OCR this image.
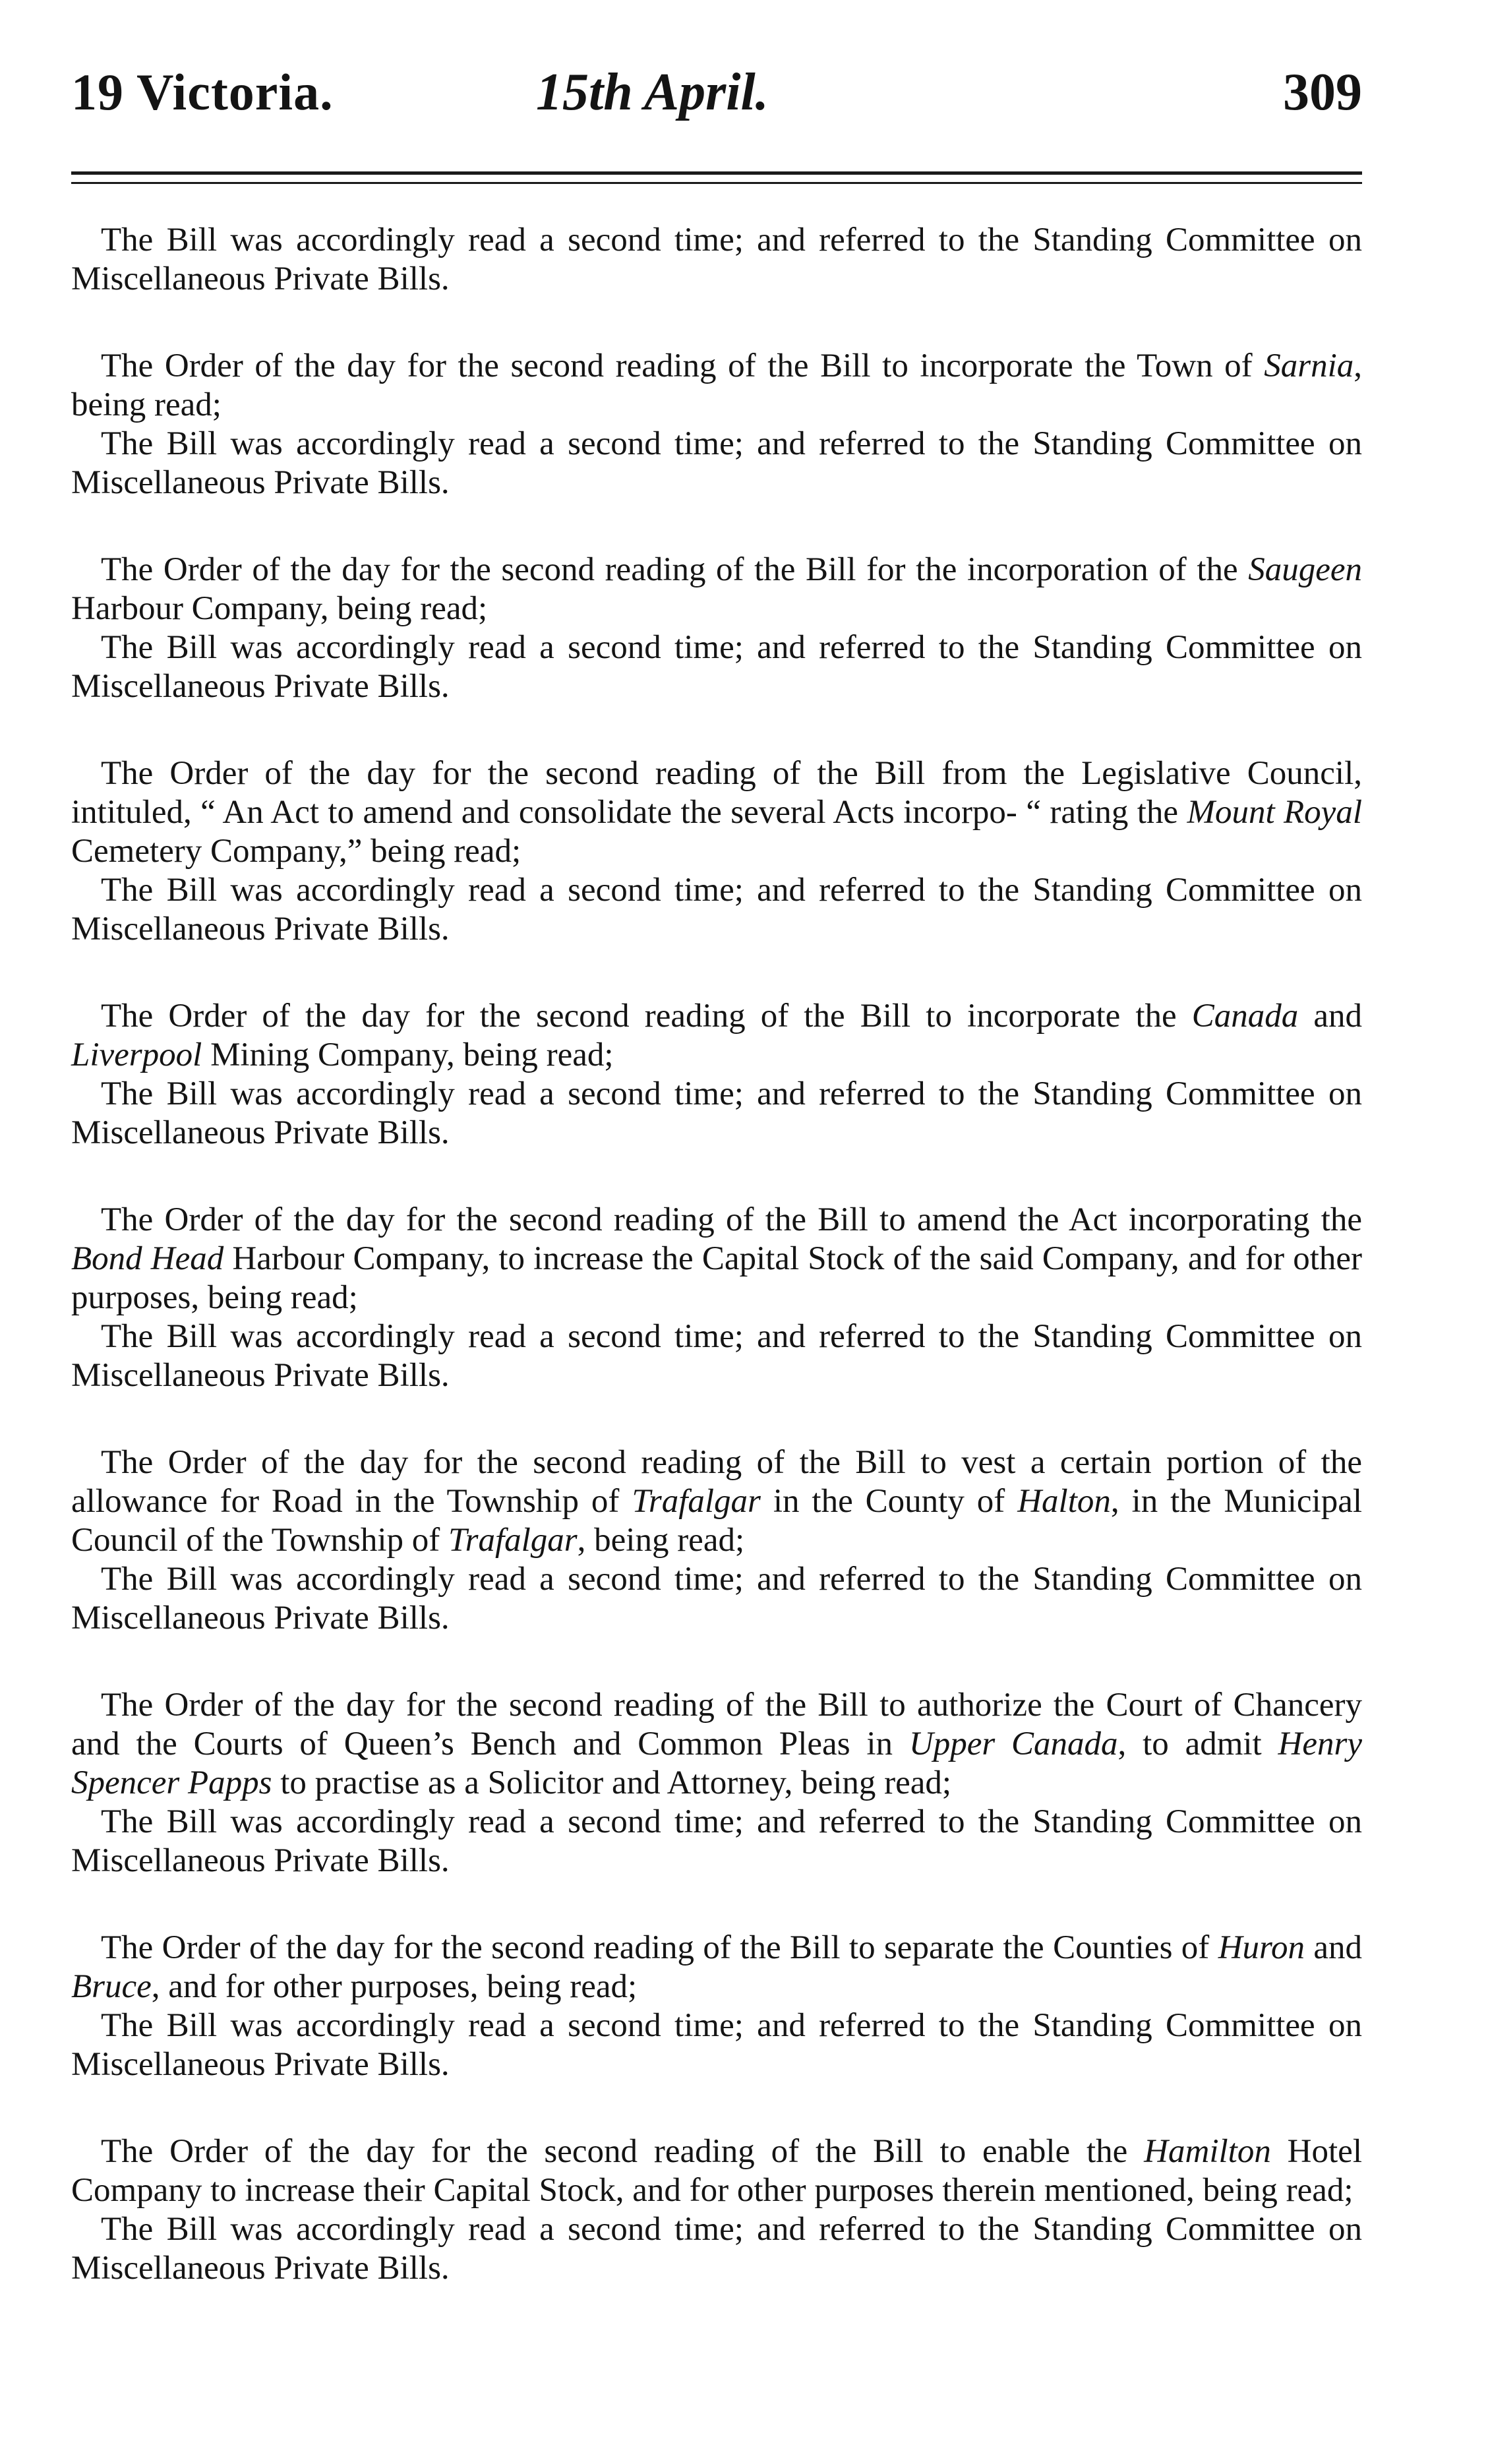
19 Victoria.	15th April.	309

The Bill was accordingly read a second time; and referred to the Standing Committee on Miscellaneous Private Bills.

The Order of the day for the second reading of the Bill to incorporate the Town of Sarnia, being read;

The Bill was accordingly read a second time; and referred to the Standing Committee on Miscellaneous Private Bills.

The Order of the day for the second reading of the Bill for the incorporation of the Saugeen Harbour Company, being read;

The Bill was accordingly read a second time; and referred to the Standing Committee on Miscellaneous Private Bills.

The Order of the day for the second reading of the Bill from the Legislative Council, intituled, “ An Act to amend and consolidate the several Acts incorpo- “ rating the Mount Royal Cemetery Company,” being read;

The Bill was accordingly read a second time; and referred to the Standing Committee on Miscellaneous Private Bills.

The Order of the day for the second reading of the Bill to incorporate the Canada and Liverpool Mining Company, being read;

The Bill was accordingly read a second time; and referred to the Standing Committee on Miscellaneous Private Bills.

The Order of the day for the second reading of the Bill to amend the Act incorporating the Bond Head Harbour Company, to increase the Capital Stock of the said Company, and for other purposes, being read;

The Bill was accordingly read a second time; and referred to the Standing Committee on Miscellaneous Private Bills.

The Order of the day for the second reading of the Bill to vest a certain portion of the allowance for Road in the Township of Trafalgar in the County of Halton, in the Municipal Council of the Township of Trafalgar, being read;

The Bill was accordingly read a second time; and referred to the Standing Committee on Miscellaneous Private Bills.

The Order of the day for the second reading of the Bill to authorize the Court of Chancery and the Courts of Queen’s Bench and Common Pleas in Upper Canada, to admit Henry Spencer Papps to practise as a Solicitor and Attorney, being read;

The Bill was accordingly read a second time; and referred to the Standing Committee on Miscellaneous Private Bills.

The Order of the day for the second reading of the Bill to separate the Counties of Huron and Bruce, and for other purposes, being read;

The Bill was accordingly read a second time; and referred to the Standing Committee on Miscellaneous Private Bills.

The Order of the day for the second reading of the Bill to enable the Hamilton Hotel Company to increase their Capital Stock, and for other purposes therein mentioned, being read;

The Bill was accordingly read a second time; and referred to the Standing Committee on Miscellaneous Private Bills.
